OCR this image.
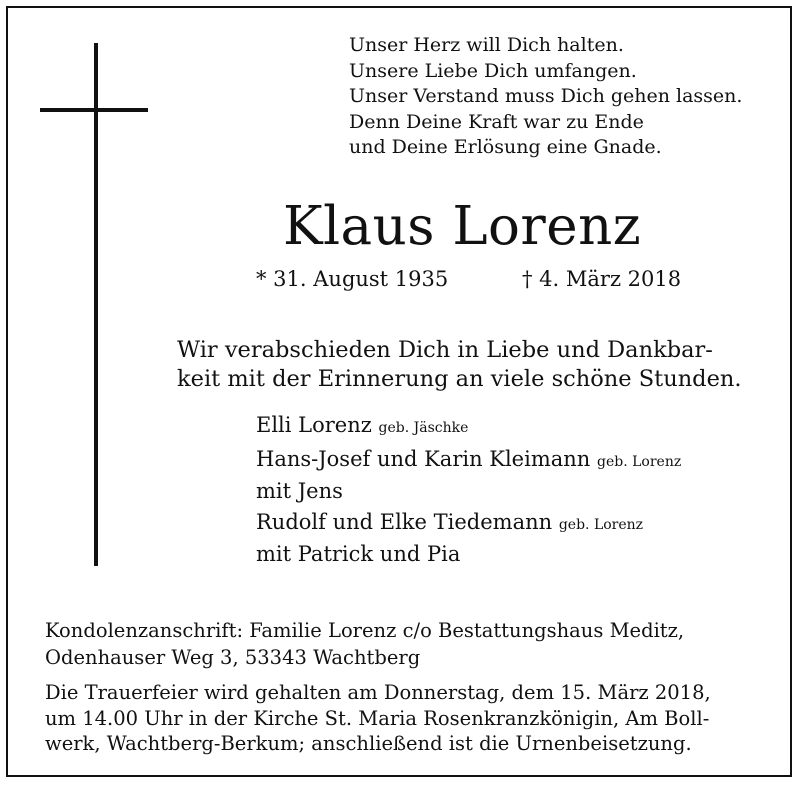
Unser Herz will Dich halten.
Unsere Liebe Dich umfangen.
Unser Verstand muss Dich gehen lassen.
Denn Deine Kraft war zu Ende
und Deine Erlösung eine Gnade.
Klaus Lorenz
* 31. August 1935	† 4. März 2018
Wir verabschieden Dich in Liebe und Dankbar-
keit mit der Erinnerung an viele schöne Stunden.
Elli Lorenz geb. Jäschke
Hans-Josef und Karin Kleimann geb. Lorenz
mit Jens
Rudolf und Elke Tiedemann geb. Lorenz
mit Patrick und Pia
Kondolenzanschrift: Familie Lorenz c/o Bestattungshaus Meditz,
Odenhauser Weg 3, 53343 Wachtberg
Die Trauerfeier wird gehalten am Donnerstag, dem 15. März 2018,
um 14.00 Uhr in der Kirche St. Maria Rosenkranzkönigin, Am Boll-
werk, Wachtberg-Berkum; anschließend ist die Urnenbeisetzung.
